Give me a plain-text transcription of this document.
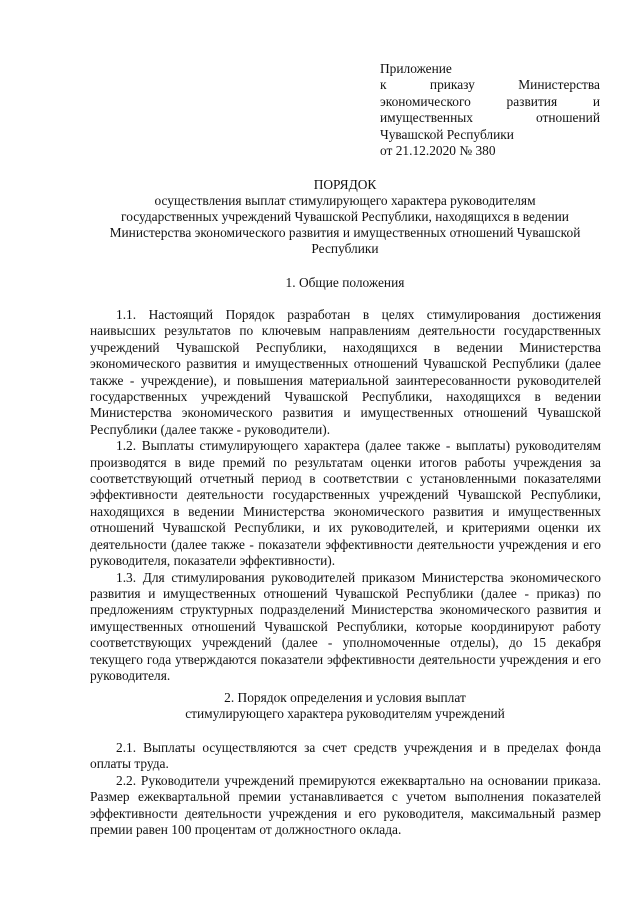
Приложение
к приказу Министерства
экономического развития и
имущественных отношений
Чувашской Республики
от 21.12.2020 № 380
ПОРЯДОК
осуществления выплат стимулирующего характера руководителям
государственных учреждений Чувашской Республики, находящихся в ведении
Министерства экономического развития и имущественных отношений Чувашской
Республики
1. Общие положения

1.1. Настоящий Порядок разработан в целях стимулирования достижения наивысших результатов по ключевым направлениям деятельности государственных учреждений Чувашской Республики, находящихся в ведении Министерства экономического развития и имущественных отношений Чувашской Республики (далее также - учреждение), и повышения материальной заинтересованности руководителей государственных учреждений Чувашской Республики, находящихся в ведении Министерства экономического развития и имущественных отношений Чувашской Республики (далее также - руководители).

1.2. Выплаты стимулирующего характера (далее также - выплаты) руководителям производятся в виде премий по результатам оценки итогов работы учреждения за соответствующий отчетный период в соответствии с установленными показателями эффективности деятельности государственных учреждений Чувашской Республики, находящихся в ведении Министерства экономического развития и имущественных отношений Чувашской Республики, и их руководителей, и критериями оценки их деятельности (далее также - показатели эффективности деятельности учреждения и его руководителя, показатели эффективности).

1.3. Для стимулирования руководителей приказом Министерства экономического развития и имущественных отношений Чувашской Республики (далее - приказ) по предложениям структурных подразделений Министерства экономического развития и имущественных отношений Чувашской Республики, которые координируют работу соответствующих учреждений (далее - уполномоченные отделы), до 15 декабря текущего года утверждаются показатели эффективности деятельности учреждения и его руководителя.

2. Порядок определения и условия выплат
стимулирующего характера руководителям учреждений

2.1. Выплаты осуществляются за счет средств учреждения и в пределах фонда оплаты труда.

2.2. Руководители учреждений премируются ежеквартально на основании приказа. Размер ежеквартальной премии устанавливается с учетом выполнения показателей эффективности деятельности учреждения и его руководителя, максимальный размер премии равен 100 процентам от должностного оклада.
